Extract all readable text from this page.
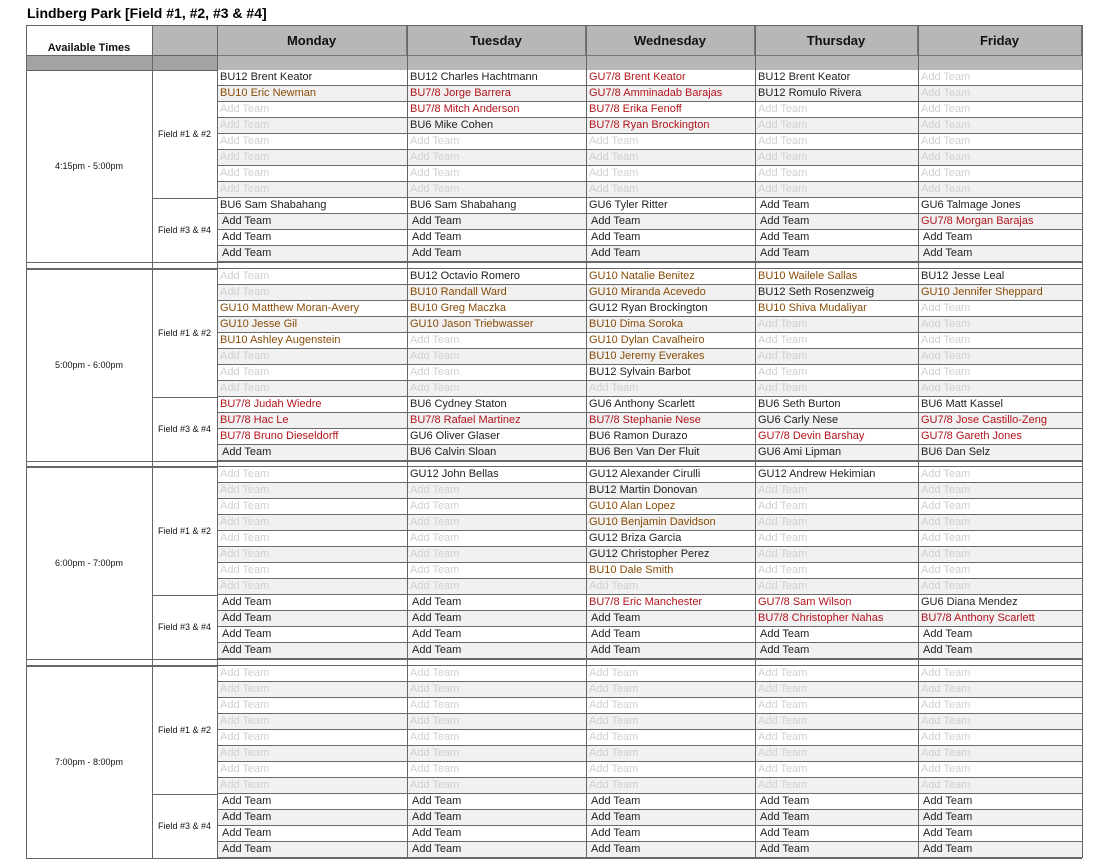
Lindberg Park [Field #1, #2, #3 & #4]
Available Times	Monday	Tuesday	Wednesday	Thursday	Friday
4:15pm - 5:00pm
Field #1 & #2
BU12 Brent Keator	BU12 Charles Hachtmann	GU7/8 Brent Keator	BU12 Brent Keator	Add Team
BU10 Eric Newman	BU7/8 Jorge Barrera	GU7/8 Amminadab Barajas	BU12 Romulo Rivera	Add Team
Add Team	BU7/8 Mitch Anderson	BU7/8 Erika Fenoff	Add Team	Add Team
Add Team	BU6 Mike Cohen	BU7/8 Ryan Brockington	Add Team	Add Team
Add Team	Add Team	Add Team	Add Team	Add Team
Add Team	Add Team	Add Team	Add Team	Add Team
Add Team	Add Team	Add Team	Add Team	Add Team
Add Team	Add Team	Add Team	Add Team	Add Team
Field #3 & #4
BU6 Sam Shabahang	BU6 Sam Shabahang	GU6 Tyler Ritter	Add Team	GU6 Talmage Jones
Add Team	Add Team	Add Team	Add Team	GU7/8 Morgan Barajas
Add Team	Add Team	Add Team	Add Team	Add Team
Add Team	Add Team	Add Team	Add Team	Add Team
5:00pm - 6:00pm
Field #1 & #2
Add Team	BU12 Octavio Romero	GU10 Natalie Benitez	BU10 Wailele Sallas	BU12 Jesse Leal
Add Team	BU10 Randall Ward	GU10 Miranda Acevedo	BU12 Seth Rosenzweig	GU10 Jennifer Sheppard
GU10 Matthew Moran-Avery	BU10 Greg Maczka	GU12 Ryan Brockington	BU10 Shiva Mudaliyar	Add Team
GU10 Jesse Gil	GU10 Jason Triebwasser	BU10 Dima Soroka	Add Team	Add Team
BU10 Ashley Augenstein	Add Team	GU10 Dylan Cavalheiro	Add Team	Add Team
Add Team	Add Team	BU10 Jeremy Everakes	Add Team	Add Team
Add Team	Add Team	BU12 Sylvain Barbot	Add Team	Add Team
Add Team	Add Team	Add Team	Add Team	Add Team
Field #3 & #4
BU7/8 Judah Wiedre	BU6 Cydney Staton	GU6 Anthony Scarlett	BU6 Seth Burton	BU6 Matt Kassel
BU7/8 Hac Le	BU7/8 Rafael Martinez	BU7/8 Stephanie Nese	GU6 Carly Nese	GU7/8 Jose Castillo-Zeng
BU7/8 Bruno Dieseldorff	GU6 Oliver Glaser	BU6 Ramon Durazo	GU7/8 Devin Barshay	GU7/8 Gareth Jones
Add Team	BU6 Calvin Sloan	BU6 Ben Van Der Fluit	GU6 Ami Lipman	BU6 Dan Selz
6:00pm - 7:00pm
Field #1 & #2
Add Team	GU12 John Bellas	GU12 Alexander Cirulli	GU12 Andrew Hekimian	Add Team
Add Team	Add Team	BU12 Martin Donovan	Add Team	Add Team
Add Team	Add Team	GU10 Alan Lopez	Add Team	Add Team
Add Team	Add Team	GU10 Benjamin Davidson	Add Team	Add Team
Add Team	Add Team	GU12 Briza Garcia	Add Team	Add Team
Add Team	Add Team	GU12 Christopher Perez	Add Team	Add Team
Add Team	Add Team	BU10 Dale Smith	Add Team	Add Team
Add Team	Add Team	Add Team	Add Team	Add Team
Field #3 & #4
Add Team	Add Team	BU7/8 Eric Manchester	GU7/8 Sam Wilson	GU6 Diana Mendez
Add Team	Add Team	Add Team	BU7/8 Christopher Nahas	BU7/8 Anthony Scarlett
Add Team	Add Team	Add Team	Add Team	Add Team
Add Team	Add Team	Add Team	Add Team	Add Team
7:00pm - 8:00pm
Field #1 & #2
Add Team	Add Team	Add Team	Add Team	Add Team
Add Team	Add Team	Add Team	Add Team	Add Team
Add Team	Add Team	Add Team	Add Team	Add Team
Add Team	Add Team	Add Team	Add Team	Add Team
Add Team	Add Team	Add Team	Add Team	Add Team
Add Team	Add Team	Add Team	Add Team	Add Team
Add Team	Add Team	Add Team	Add Team	Add Team
Add Team	Add Team	Add Team	Add Team	Add Team
Field #3 & #4
Add Team	Add Team	Add Team	Add Team	Add Team
Add Team	Add Team	Add Team	Add Team	Add Team
Add Team	Add Team	Add Team	Add Team	Add Team
Add Team	Add Team	Add Team	Add Team	Add Team
